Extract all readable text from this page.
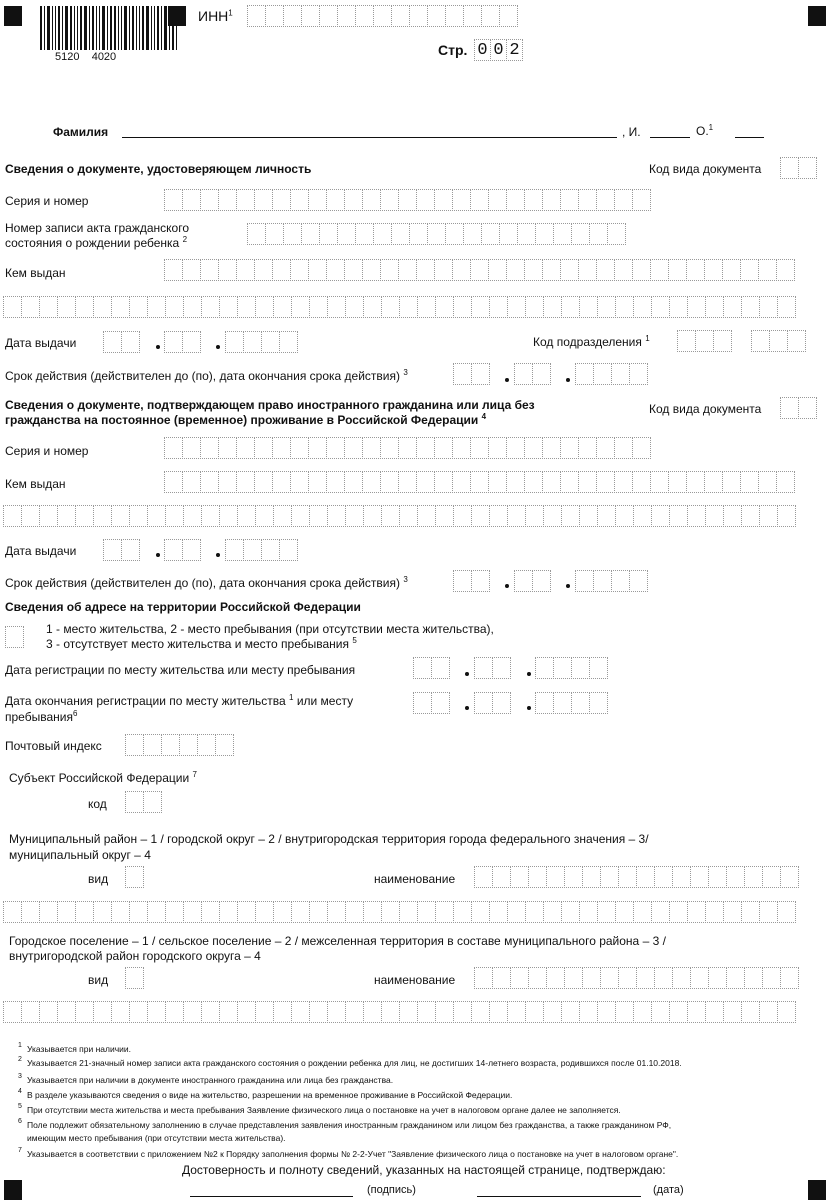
5120    4020
ИНН$^1$
Стр. 0 0 2
Фамилия	, И.	О.$^1$
Сведения о документе, удостоверяющем личность	Код вида документа
Серия и номер
Номер записи акта гражданского
состояния о рождении ребенка $^2$
Кем выдан
Дата выдачи	Код подразделения $^1$
Срок действия (действителен до (по), дата окончания срока действия) $^3$
Сведения о документе, подтверждающем право иностранного гражданина или лица без
гражданства на постоянное (временное) проживание в Российской Федерации $^4$
Код вида документа
Серия и номер
Кем выдан
Дата выдачи
Срок действия (действителен до (по), дата окончания срока действия) $^3$
Сведения об адресе на территории Российской Федерации
1 - место жительства, 2 - место пребывания (при отсутствии места жительства),
3 - отсутствует место жительства и место пребывания $^5$
Дата регистрации по месту жительства или месту пребывания
Дата окончания регистрации по месту жительства $^1$ или месту
пребывания$^6$
Почтовый индекс
Субъект Российской Федерации $^7$
код
Муниципальный район – 1 / городской округ – 2 / внутригородская территория города федерального значения – 3/
муниципальный округ – 4
вид	наименование
Городское поселение – 1 / сельское поселение – 2 / межселенная территория в составе муниципального района – 3 /
внутригородской район городского округа – 4
вид	наименование
1 Указывается при наличии.
2 Указывается 21-значный номер записи акта гражданского состояния о рождении ребенка для лиц, не достигших 14-летнего возраста, родившихся после 01.10.2018.
3 Указывается при наличии в документе иностранного гражданина или лица без гражданства.
4 В разделе указываются сведения о виде на жительство, разрешении на временное проживание в Российской Федерации.
5 При отсутствии места жительства и места пребывания Заявление физического лица о постановке на учет в налоговом органе далее не заполняется.
6 Поле подлежит обязательному заполнению в случае представления заявления иностранным гражданином или лицом без гражданства, а также гражданином РФ,
имеющим место пребывания (при отсутствии места жительства).
7 Указывается в соответствии с приложением №2 к Порядку заполнения формы № 2-2-Учет "Заявление физического лица о постановке на учет в налоговом органе".
Достоверность и полноту сведений, указанных на настоящей странице, подтверждаю:
(подпись)	(дата)
